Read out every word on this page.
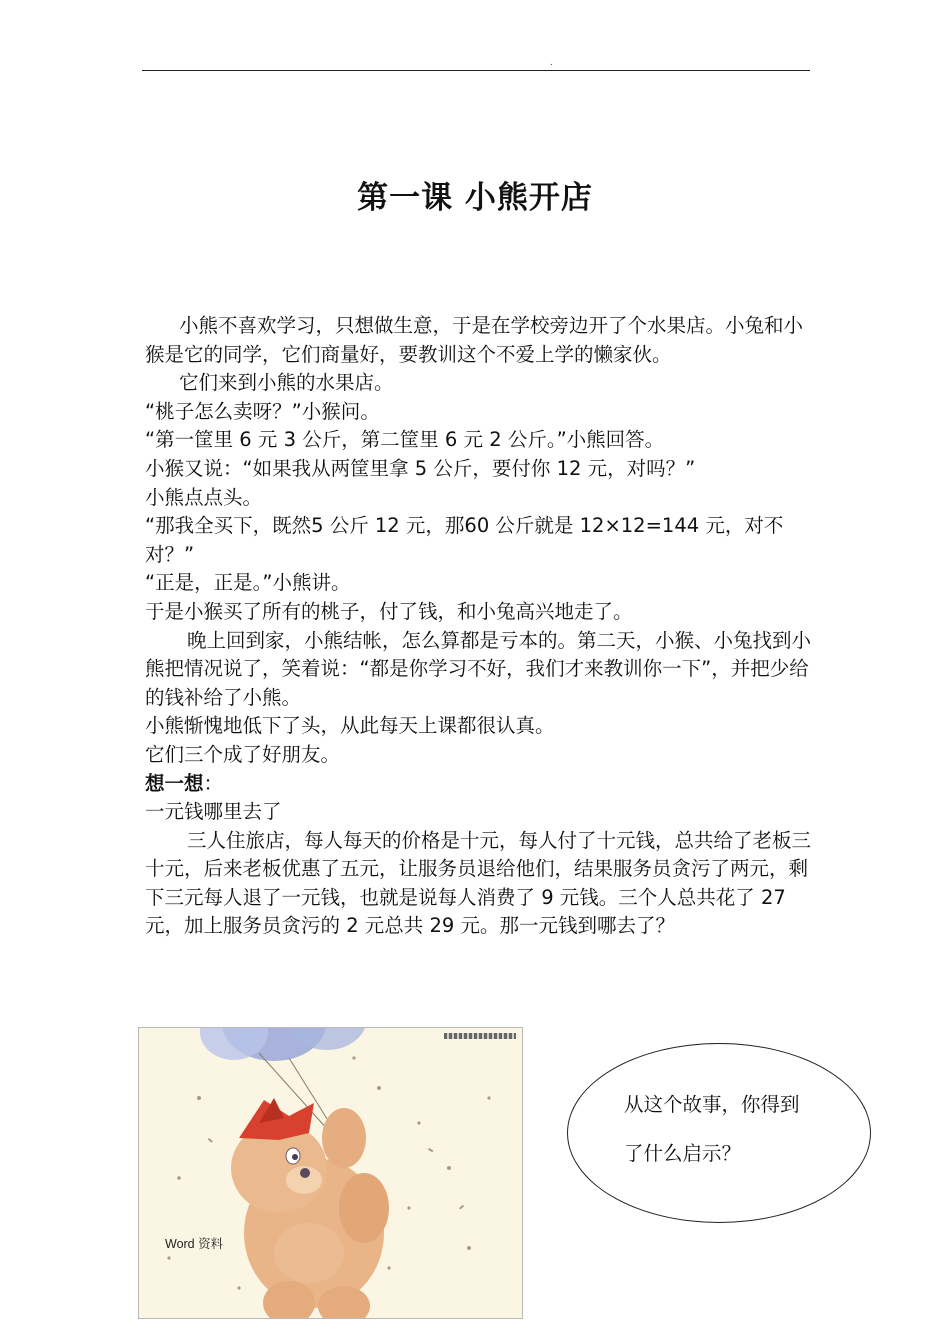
.
第一课 小熊开店

小熊不喜欢学习，只想做生意，于是在学校旁边开了个水果店。小兔和小猴是它的同学，它们商量好，要教训这个不爱上学的懒家伙。

它们来到小熊的水果店。

“桃子怎么卖呀？”小猴问。

“第一筐里 6 元 3 公斤，第二筐里 6 元 2 公斤。”小熊回答。

小猴又说：“如果我从两筐里拿 5 公斤，要付你 12 元，对吗？”

小熊点点头。

“那我全买下，既然5 公斤 12 元，那60 公斤就是 12×12=144 元，对不对？”

“正是，正是。”小熊讲。

于是小猴买了所有的桃子，付了钱，和小兔高兴地走了。

晚上回到家，小熊结帐，怎么算都是亏本的。第二天，小猴、小兔找到小熊把情况说了，笑着说：“都是你学习不好，我们才来教训你一下”，并把少给的钱补给了小熊。

小熊惭愧地低下了头，从此每天上课都很认真。

它们三个成了好朋友。

想一想：

一元钱哪里去了

三人住旅店，每人每天的价格是十元，每人付了十元钱，总共给了老板三十元，后来老板优惠了五元，让服务员退给他们，结果服务员贪污了两元，剩下三元每人退了一元钱，也就是说每人消费了 9 元钱。三个人总共花了 27 元，加上服务员贪污的 2 元总共 29 元。那一元钱到哪去了？

Word 资料
从这个故事，你得到
了什么启示？
